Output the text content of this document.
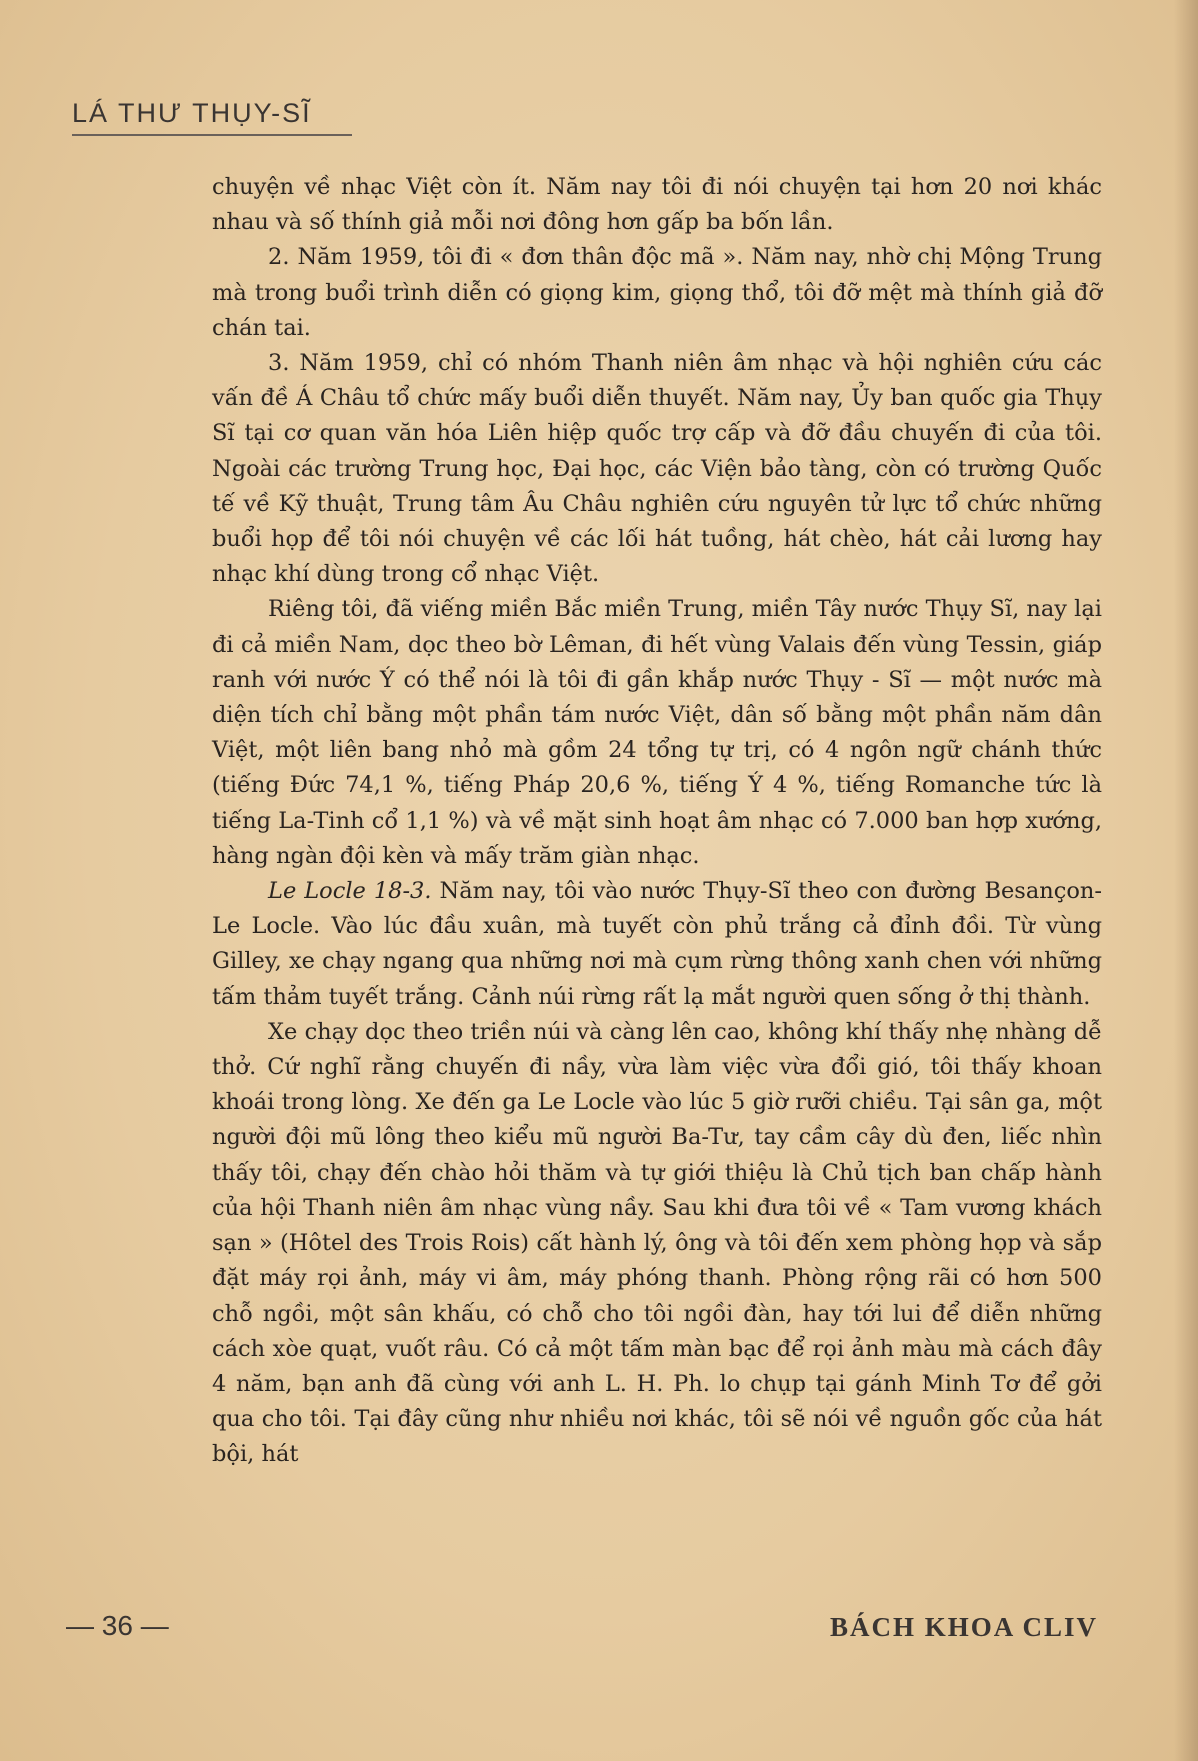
LÁ THƯ THỤY-SĨ

chuyện về nhạc Việt còn ít. Năm nay tôi đi nói chuyện tại hơn 20 nơi khác nhau và số thính giả mỗi nơi đông hơn gấp ba bốn lần.

2. Năm 1959, tôi đi « đơn thân độc mã ». Năm nay, nhờ chị Mộng Trung mà trong buổi trình diễn có giọng kim, giọng thổ, tôi đỡ mệt mà thính giả đỡ chán tai.

3. Năm 1959, chỉ có nhóm Thanh niên âm nhạc và hội nghiên cứu các vấn đề Á Châu tổ chức mấy buổi diễn thuyết. Năm nay, Ủy ban quốc gia Thụy Sĩ tại cơ quan văn hóa Liên hiệp quốc trợ cấp và đỡ đầu chuyến đi của tôi. Ngoài các trường Trung học, Đại học, các Viện bảo tàng, còn có trường Quốc tế về Kỹ thuật, Trung tâm Âu Châu nghiên cứu nguyên tử lực tổ chức những buổi họp để tôi nói chuyện về các lối hát tuồng, hát chèo, hát cải lương hay nhạc khí dùng trong cổ nhạc Việt.

Riêng tôi, đã viếng miền Bắc miền Trung, miền Tây nước Thụy Sĩ, nay lại đi cả miền Nam, dọc theo bờ Lêman, đi hết vùng Valais đến vùng Tessin, giáp ranh với nước Ý có thể nói là tôi đi gần khắp nước Thụy - Sĩ — một nước mà diện tích chỉ bằng một phần tám nước Việt, dân số bằng một phần năm dân Việt, một liên bang nhỏ mà gồm 24 tổng tự trị, có 4 ngôn ngữ chánh thức (tiếng Đức 74,1 %, tiếng Pháp 20,6 %, tiếng Ý 4 %, tiếng Romanche tức là tiếng La-Tinh cổ 1,1 %) và về mặt sinh hoạt âm nhạc có 7.000 ban hợp xướng, hàng ngàn đội kèn và mấy trăm giàn nhạc.

Le Locle 18-3. Năm nay, tôi vào nước Thụy-Sĩ theo con đường Besançon-Le Locle. Vào lúc đầu xuân, mà tuyết còn phủ trắng cả đỉnh đồi. Từ vùng Gilley, xe chạy ngang qua những nơi mà cụm rừng thông xanh chen với những tấm thảm tuyết trắng. Cảnh núi rừng rất lạ mắt người quen sống ở thị thành.

Xe chạy dọc theo triền núi và càng lên cao, không khí thấy nhẹ nhàng dễ thở. Cứ nghĩ rằng chuyến đi nầy, vừa làm việc vừa đổi gió, tôi thấy khoan khoái trong lòng. Xe đến ga Le Locle vào lúc 5 giờ rưỡi chiều. Tại sân ga, một người đội mũ lông theo kiểu mũ người Ba-Tư, tay cầm cây dù đen, liếc nhìn thấy tôi, chạy đến chào hỏi thăm và tự giới thiệu là Chủ tịch ban chấp hành của hội Thanh niên âm nhạc vùng nầy. Sau khi đưa tôi về « Tam vương khách sạn » (Hôtel des Trois Rois) cất hành lý, ông và tôi đến xem phòng họp và sắp đặt máy rọi ảnh, máy vi âm, máy phóng thanh. Phòng rộng rãi có hơn 500 chỗ ngồi, một sân khấu, có chỗ cho tôi ngồi đàn, hay tới lui để diễn những cách xòe quạt, vuốt râu. Có cả một tấm màn bạc để rọi ảnh màu mà cách đây 4 năm, bạn anh đã cùng với anh L. H. Ph. lo chụp tại gánh Minh Tơ để gởi qua cho tôi. Tại đây cũng như nhiều nơi khác, tôi sẽ nói về nguồn gốc của hát bội, hát

— 36 —	BÁCH KHOA CLIV
